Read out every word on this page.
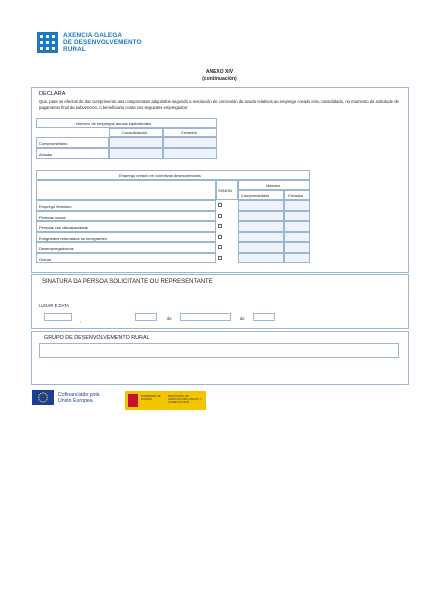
AXENCIA GALEGA
DE DESENVOLVEMENTO
RURAL
ANEXO XIV
(continuación)
DECLARA
Que, para os efectos de dar cumprimento aos compromisos adquiridos segundo a resolución de concesión da axuda relativos ao emprego creado e/ou consolidado, no momento da solicitude de pagamento final da subvención, o beneficiario conta cos seguintes empregados:
Número de empregos anuais equivalentes
Consolidación	Creación
Comprometidos
Actuais
Emprego creado en colectivos desfavorecidos
SI/NON
Número
Comprometidos	Creados
Emprego feminino
Persoas novas
Persoas con discapacidade
Emigrantes retornados ou inmigrantes
Desempregados/as
Outros
SINATURA DA PERSOA SOLICITANTE OU REPRESENTANTE
LUGAR E DATA
,	de	de
GRUPO DE DESENVOLVEMENTO RURAL
Cofinanciado pola
Unión Europea
GOBIERNO DE ESPAÑA
MINISTERIO DE AGRICULTURA, PESCA Y ALIMENTACIÓN
